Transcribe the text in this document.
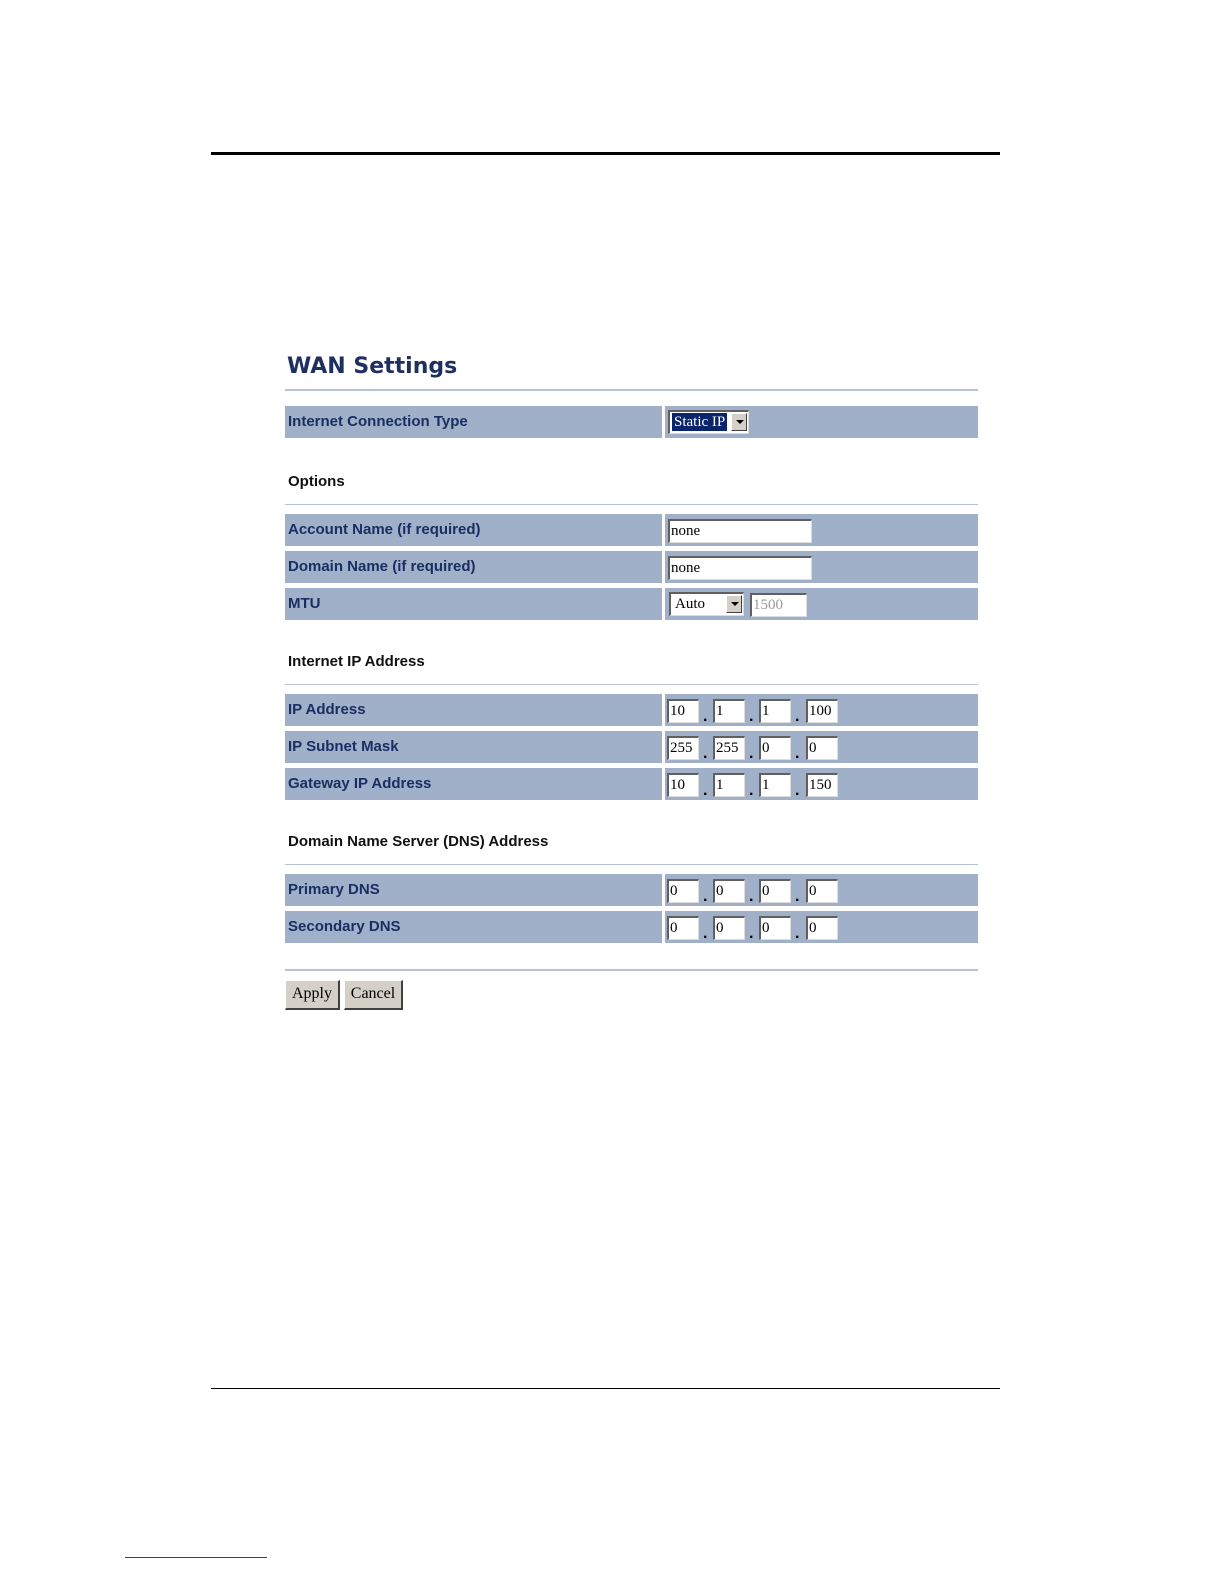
WAN Settings
Internet Connection Type	Static IP
Options
Account Name (if required)	none
Domain Name (if required)	none
MTU	Auto	1500
Internet IP Address
IP Address	10	. 1	. 1	. 100
IP Subnet Mask	255 . 255 . 0	. 0
Gateway IP Address	10	. 1	. 1	. 150
Domain Name Server (DNS) Address
Primary DNS	0	. 0	. 0	. 0
Secondary DNS	0	. 0	. 0	. 0
Apply	Cancel
